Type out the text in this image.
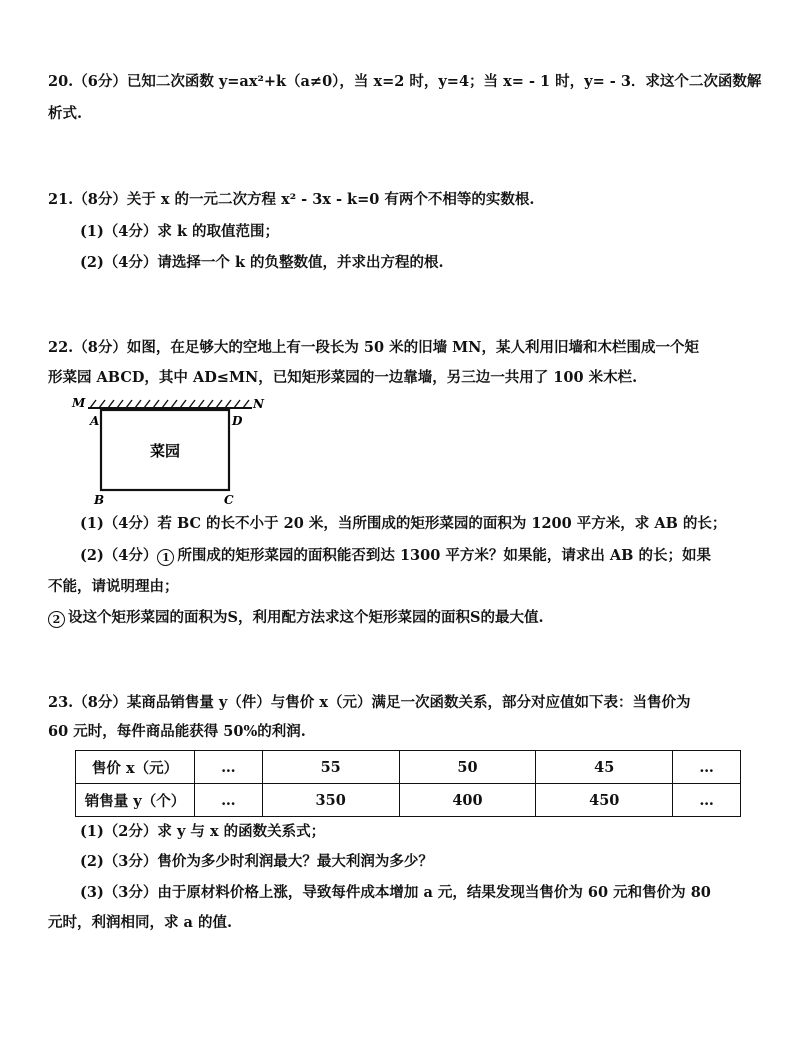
20.（6分）已知二次函数 y=ax²+k（a≠0），当 x=2 时，y=4；当 x= - 1 时，y= - 3．求这个二次函数解
析式.
21.（8分）关于 x 的一元二次方程 x² - 3x - k=0 有两个不相等的实数根.
(1)（4分）求 k 的取值范围；
(2)（4分）请选择一个 k 的负整数值，并求出方程的根.
22.（8分）如图，在足够大的空地上有一段长为 50 米的旧墙 MN，某人利用旧墙和木栏围成一个矩
形菜园 ABCD，其中 AD≤MN，已知矩形菜园的一边靠墙，另三边一共用了 100 米木栏.
M	N
A	D
B	C
菜园
(1)（4分）若 BC 的长不小于 20 米，当所围成的矩形菜园的面积为 1200 平方米，求 AB 的长；
(2)（4分） 1 所围成的矩形菜园的面积能否到达 1300 平方米？如果能，请求出 AB 的长；如果
不能，请说明理由；
2 设这个矩形菜园的面积为S，利用配方法求这个矩形菜园的面积S的最大值.
23.（8分）某商品销售量 y（件）与售价 x（元）满足一次函数关系，部分对应值如下表：当售价为
60 元时，每件商品能获得 50%的利润.
售价 x（元）	…	55	50	45	…
销售量 y（个）	…	350	400	450	…
(1)（2分）求 y 与 x 的函数关系式；
(2)（3分）售价为多少时利润最大？最大利润为多少？
(3)（3分）由于原材料价格上涨，导致每件成本增加 a 元，结果发现当售价为 60 元和售价为 80
元时，利润相同，求 a 的值.
